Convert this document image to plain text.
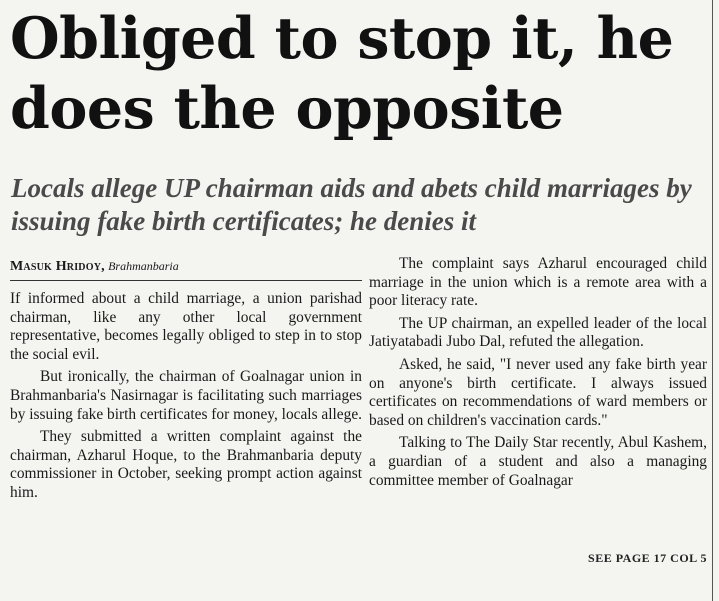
Obliged to stop it, he does the opposite
Locals allege UP chairman aids and abets child marriages by issuing fake birth certificates; he denies it
Masuk Hridoy, Brahmanbaria

If informed about a child marriage, a union parishad chairman, like any other local government representative, becomes legally obliged to step in to stop the social evil.

But ironically, the chairman of Goalnagar union in Brahmanbaria's Nasirnagar is facilitating such marriages by issuing fake birth certificates for money, locals allege.

They submitted a written complaint against the chairman, Azharul Hoque, to the Brahmanbaria deputy commissioner in October, seeking prompt action against him.

The complaint says Azharul encouraged child marriage in the union which is a remote area with a poor literacy rate.

The UP chairman, an expelled leader of the local Jatiyatabadi Jubo Dal, refuted the allegation.

Asked, he said, "I never used any fake birth year on anyone's birth certificate. I always issued certificates on recommendations of ward members or based on children's vaccination cards."

Talking to The Daily Star recently, Abul Kashem, a guardian of a student and also a managing committee member of Goalnagar

SEE PAGE 17 COL 5
